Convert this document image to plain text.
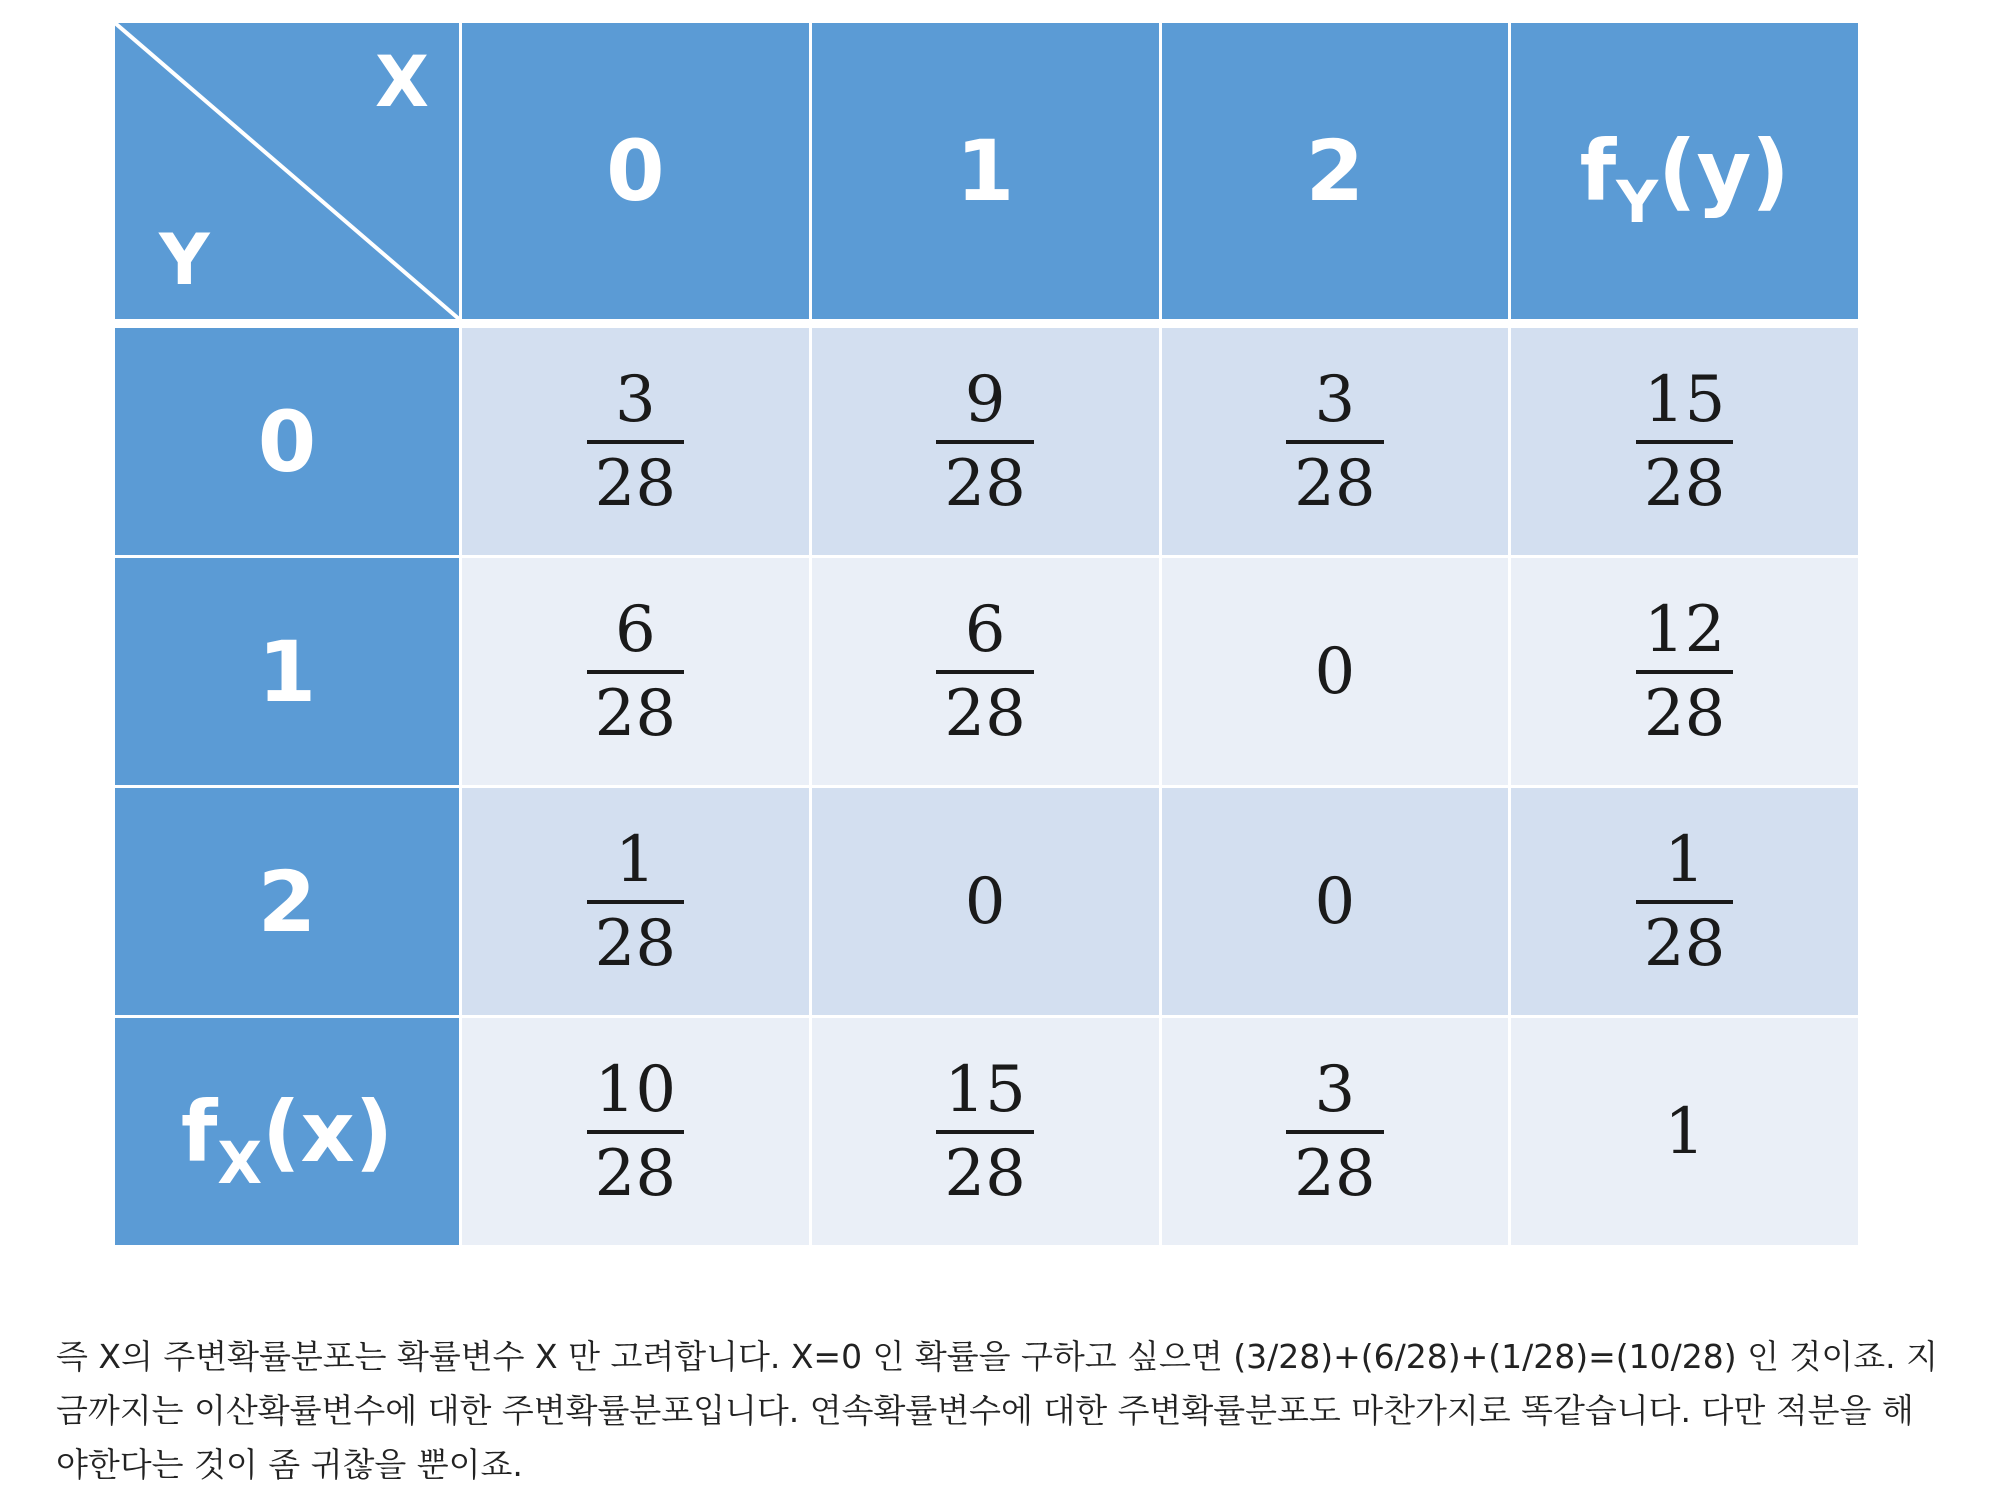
X
Y	0	1	2	$f_Y(y)$
0	$\frac{3}{28}$	$\frac{9}{28}$	$\frac{3}{28}$	$\frac{15}{28}$

1	$\frac{6}{28}$	$\frac{6}{28}$	0	$\frac{12}{28}$

2	$\frac{1}{28}$	0	0	$\frac{1}{28}$

$f_X(x)$	$\frac{10}{28}$	$\frac{15}{28}$	$\frac{3}{28}$	1

즉 X의 주변확률분포는 확률변수 X 만 고려합니다. X=0 인 확률을 구하고 싶으면 (3/28)+(6/28)+(1/28)=(10/28) 인 것이죠. 지금까지는 이산확률변수에 대한 주변확률분포입니다. 연속확률변수에 대한 주변확률분포도 마찬가지로 똑같습니다. 다만 적분을 해야한다는 것이 좀 귀찮을 뿐이죠.
